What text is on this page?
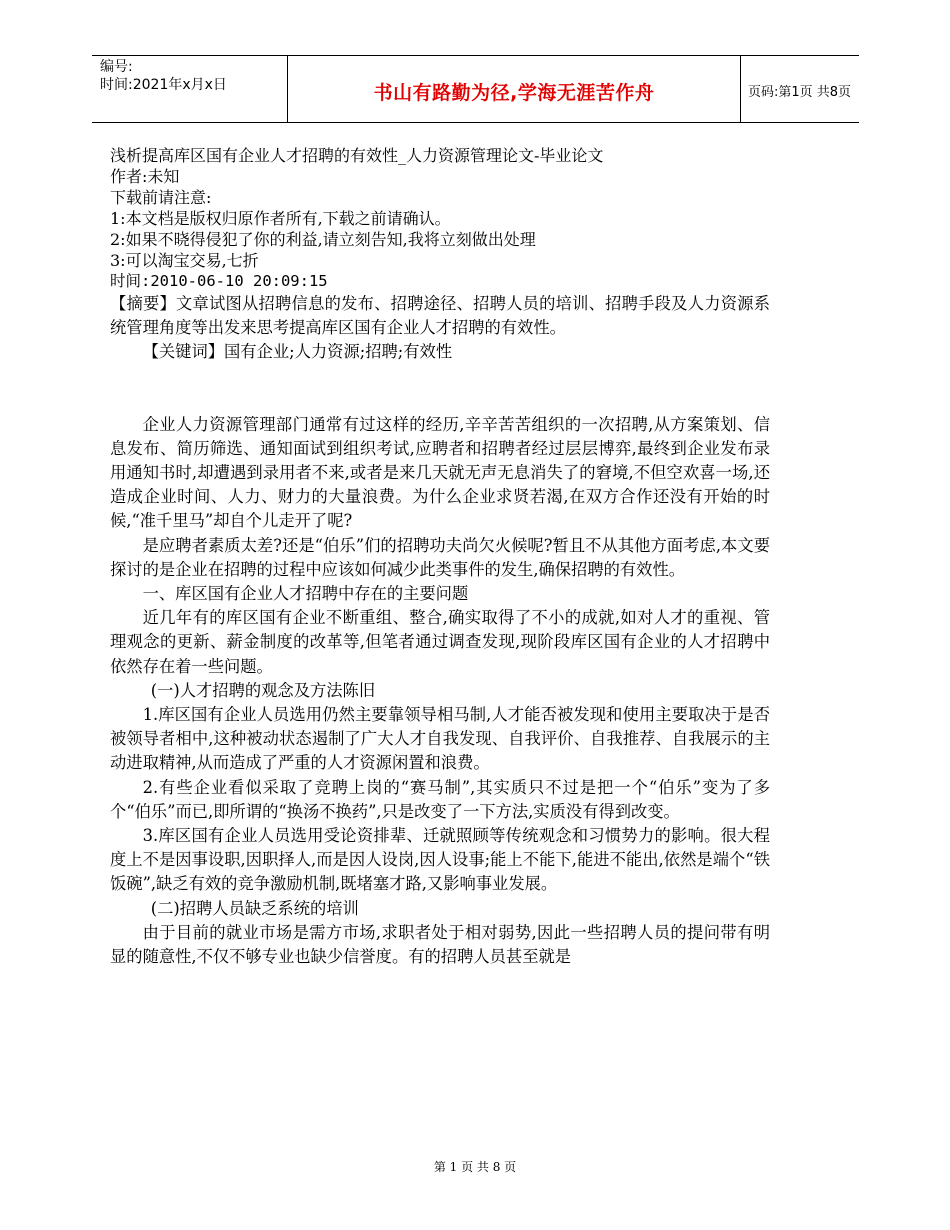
编号:
时间:2021年x月x日	书山有路勤为径,学海无涯苦作舟	页码:第1页 共8页
浅析提高库区国有企业人才招聘的有效性_人力资源管理论文-毕业论文
作者:未知
下载前请注意:
1:本文档是版权归原作者所有,下载之前请确认。
2:如果不晓得侵犯了你的利益,请立刻告知,我将立刻做出处理
3:可以淘宝交易,七折
时间:2010-06-10 20:09:15

【摘要】文章试图从招聘信息的发布、招聘途径、招聘人员的培训、招聘手段及人力资源系统管理角度等出发来思考提高库区国有企业人才招聘的有效性。

【关键词】国有企业;人力资源;招聘;有效性

企业人力资源管理部门通常有过这样的经历,辛辛苦苦组织的一次招聘,从方案策划、信息发布、简历筛选、通知面试到组织考试,应聘者和招聘者经过层层博弈,最终到企业发布录用通知书时,却遭遇到录用者不来,或者是来几天就无声无息消失了的窘境,不但空欢喜一场,还造成企业时间、人力、财力的大量浪费。为什么企业求贤若渴,在双方合作还没有开始的时候,“准千里马”却自个儿走开了呢?

是应聘者素质太差?还是“伯乐”们的招聘功夫尚欠火候呢?暂且不从其他方面考虑,本文要探讨的是企业在招聘的过程中应该如何减少此类事件的发生,确保招聘的有效性。

一、库区国有企业人才招聘中存在的主要问题

近几年有的库区国有企业不断重组、整合,确实取得了不小的成就,如对人才的重视、管理观念的更新、薪金制度的改革等,但笔者通过调查发现,现阶段库区国有企业的人才招聘中依然存在着一些问题。

(一)人才招聘的观念及方法陈旧

1.库区国有企业人员选用仍然主要靠领导相马制,人才能否被发现和使用主要取决于是否被领导者相中,这种被动状态遏制了广大人才自我发现、自我评价、自我推荐、自我展示的主动进取精神,从而造成了严重的人才资源闲置和浪费。

2.有些企业看似采取了竞聘上岗的“赛马制”,其实质只不过是把一个“伯乐”变为了多个“伯乐”而已,即所谓的“换汤不换药”,只是改变了一下方法,实质没有得到改变。

3.库区国有企业人员选用受论资排辈、迁就照顾等传统观念和习惯势力的影响。很大程度上不是因事设职,因职择人,而是因人设岗,因人设事;能上不能下,能进不能出,依然是端个“铁饭碗”,缺乏有效的竞争激励机制,既堵塞才路,又影响事业发展。

(二)招聘人员缺乏系统的培训

由于目前的就业市场是需方市场,求职者处于相对弱势,因此一些招聘人员的提问带有明显的随意性,不仅不够专业也缺少信誉度。有的招聘人员甚至就是

第 1 页 共 8 页
